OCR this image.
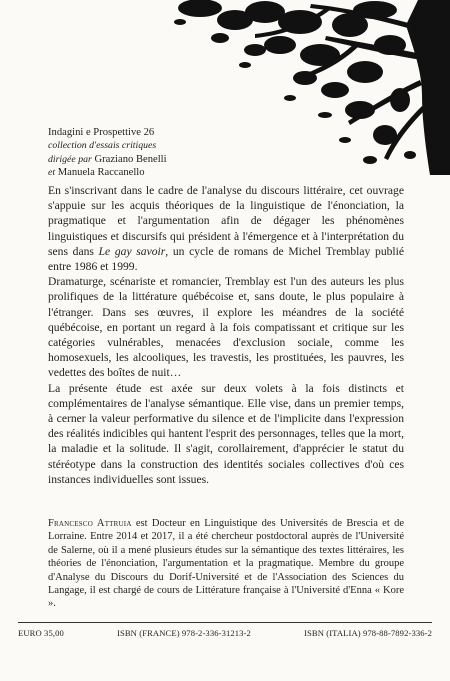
Indagini e Prospettive 26
collection d'essais critiques
dirigée par Graziano Benelli
et Manuela Raccanello

En s'inscrivant dans le cadre de l'analyse du discours littéraire, cet ouvrage s'appuie sur les acquis théoriques de la linguistique de l'énonciation, la pragmatique et l'argumentation afin de dégager les phénomènes linguistiques et discursifs qui président à l'émergence et à l'interprétation du sens dans Le gay savoir, un cycle de romans de Michel Tremblay publié entre 1986 et 1999.

Dramaturge, scénariste et romancier, Tremblay est l'un des auteurs les plus prolifiques de la littérature québécoise et, sans doute, le plus populaire à l'étranger. Dans ses œuvres, il explore les méandres de la société québécoise, en portant un regard à la fois compatissant et critique sur les catégories vulnérables, menacées d'exclusion sociale, comme les homosexuels, les alcooliques, les travestis, les prostituées, les pauvres, les vedettes des boîtes de nuit…

La présente étude est axée sur deux volets à la fois distincts et complémentaires de l'analyse sémantique. Elle vise, dans un premier temps, à cerner la valeur performative du silence et de l'implicite dans l'expression des réalités indicibles qui hantent l'esprit des personnages, telles que la mort, la maladie et la solitude. Il s'agit, corollairement, d'apprécier le statut du stéréotype dans la construction des identités sociales collectives d'où ces instances individuelles sont issues.

Francesco Attruia est Docteur en Linguistique des Universités de Brescia et de Lorraine. Entre 2014 et 2017, il a été chercheur postdoctoral auprès de l'Université de Salerne, où il a mené plusieurs études sur la sémantique des textes littéraires, les théories de l'énonciation, l'argumentation et la pragmatique. Membre du groupe d'Analyse du Discours du Dorif-Université et de l'Association des Sciences du Langage, il est chargé de cours de Littérature française à l'Université d'Enna « Kore ».

EURO 35,00	ISBN (FRANCE) 978-2-336-31213-2	ISBN (ITALIA) 978-88-7892-336-2
